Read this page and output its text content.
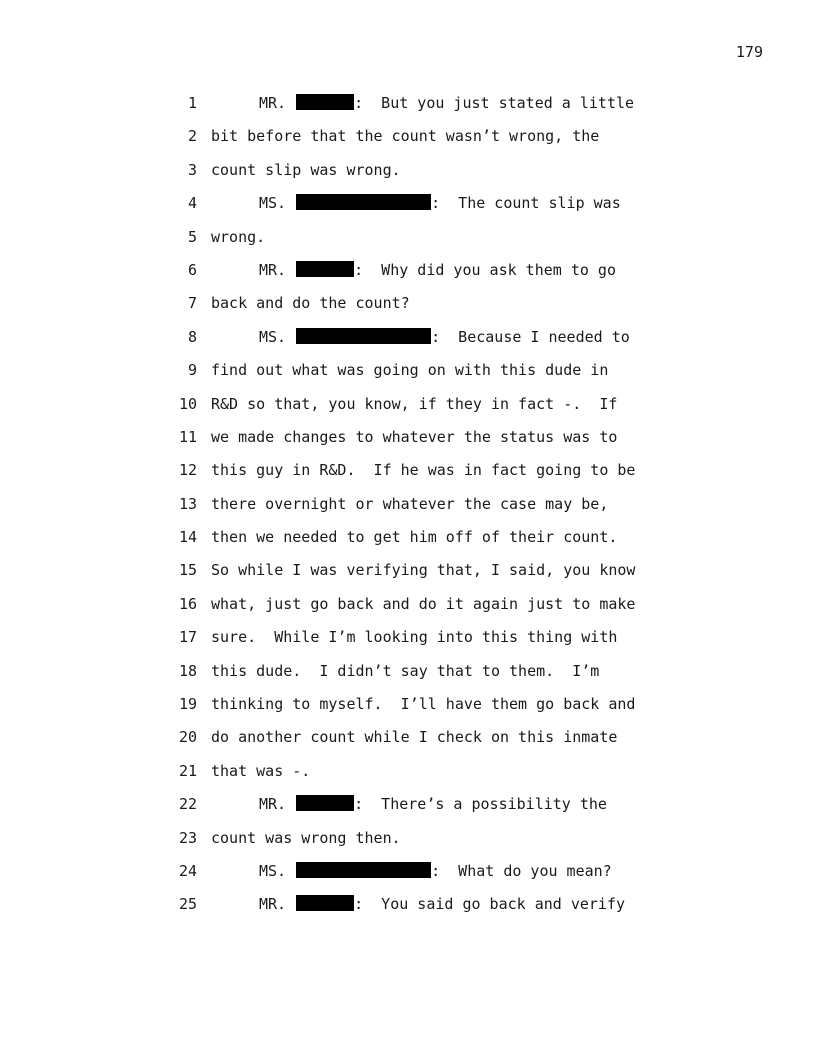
179
1	MR.	:  But you just stated a little
2 bit before that the count wasn’t wrong, the
3 count slip was wrong.
4	MS.	:  The count slip was
5 wrong.
6	MR.	:  Why did you ask them to go
7 back and do the count?
8	MS.	:  Because I needed to
9 find out what was going on with this dude in
10 R&D so that, you know, if they in fact -.  If
11 we made changes to whatever the status was to
12 this guy in R&D.  If he was in fact going to be
13 there overnight or whatever the case may be,
14 then we needed to get him off of their count.
15 So while I was verifying that, I said, you know
16 what, just go back and do it again just to make
17 sure.  While I’m looking into this thing with
18 this dude.  I didn’t say that to them.  I’m
19 thinking to myself.  I’ll have them go back and
20 do another count while I check on this inmate
21 that was -.
22	MR.	:  There’s a possibility the
23 count was wrong then.
24	MS.	:  What do you mean?
25	MR.	:  You said go back and verify
